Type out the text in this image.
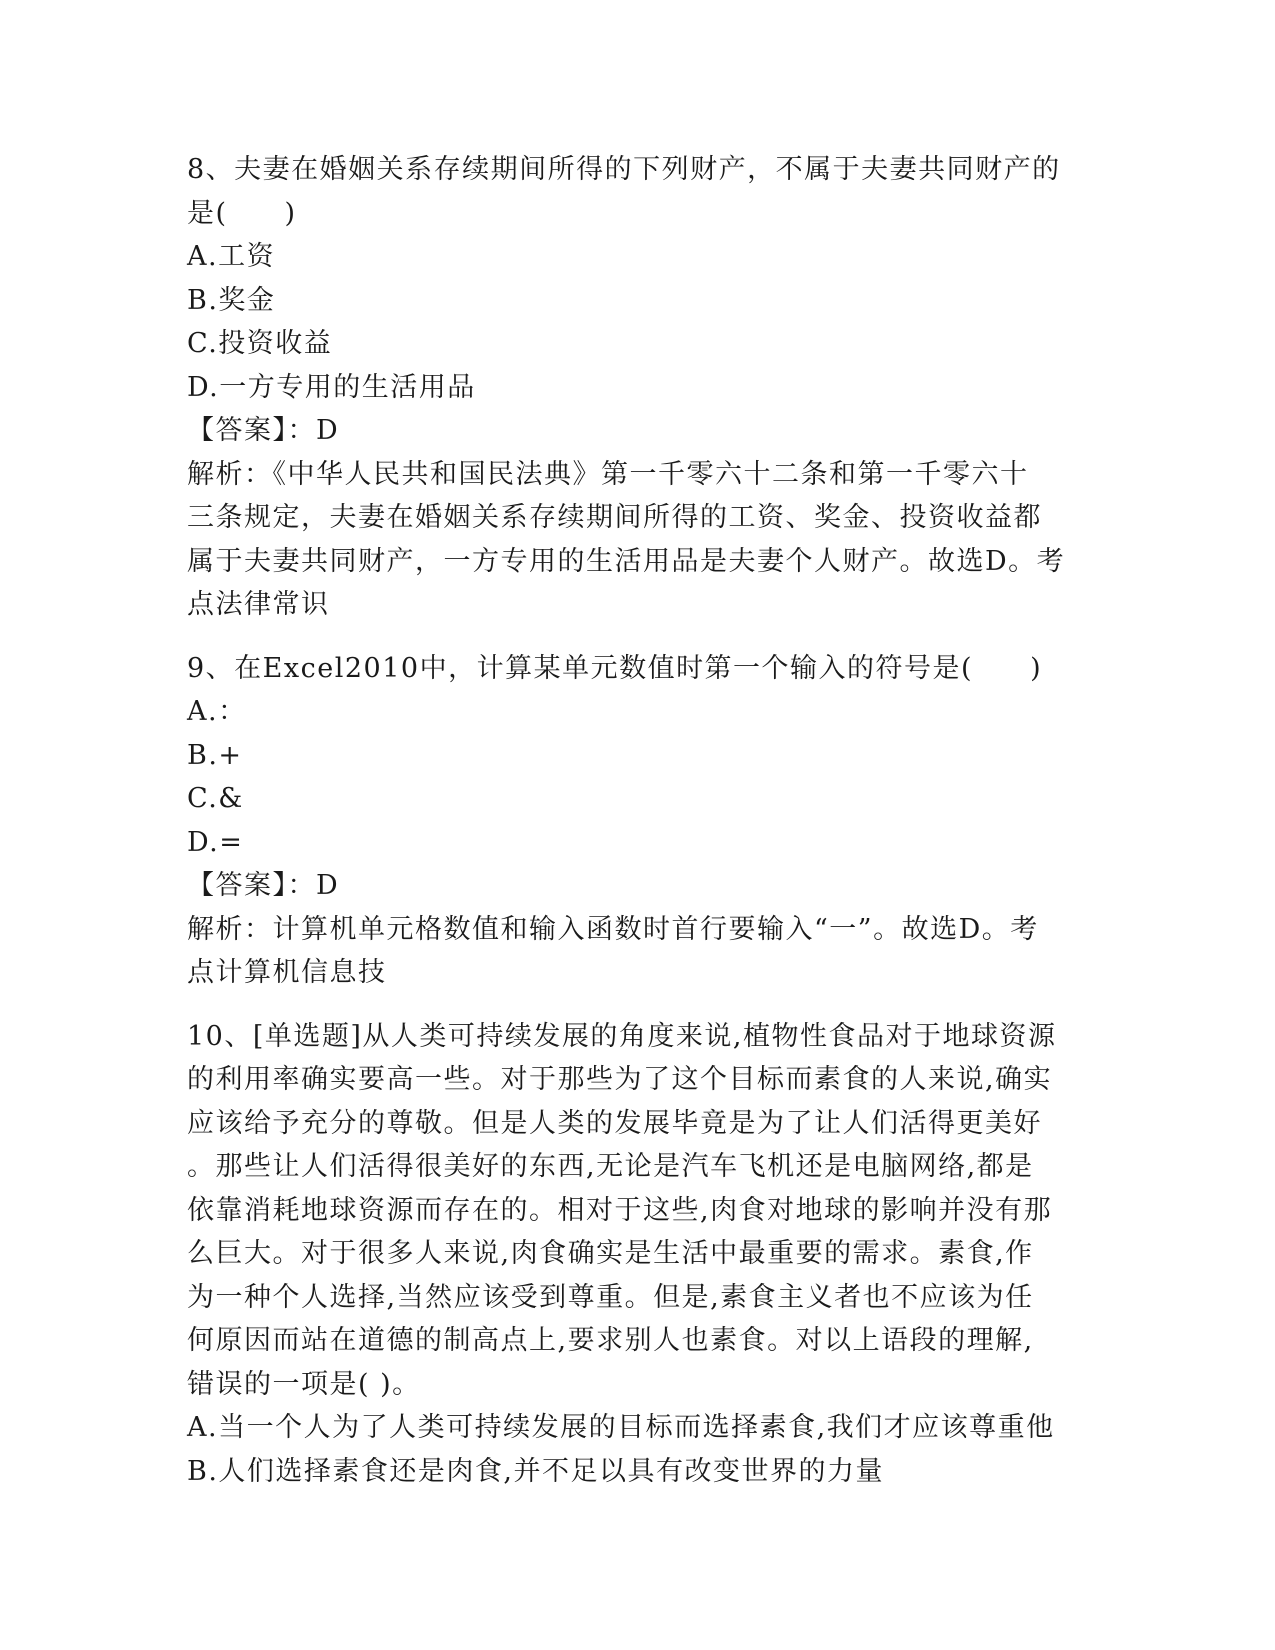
8、夫妻在婚姻关系存续期间所得的下列财产，不属于夫妻共同财产的
是(　　)
A.工资
B.奖金
C.投资收益
D.一方专用的生活用品
【答案】：D
解析：《中华人民共和国民法典》第一千零六十二条和第一千零六十
三条规定，夫妻在婚姻关系存续期间所得的工资、奖金、投资收益都
属于夫妻共同财产，一方专用的生活用品是夫妻个人财产。故选D。考
点法律常识
9、在Excel2010中，计算某单元数值时第一个输入的符号是(　　)
A.：
B.+
C.&
D.=
【答案】：D
解析：计算机单元格数值和输入函数时首行要输入“一”。故选D。考
点计算机信息技
10、[单选题]从人类可持续发展的角度来说,植物性食品对于地球资源
的利用率确实要高一些。对于那些为了这个目标而素食的人来说,确实
应该给予充分的尊敬。但是人类的发展毕竟是为了让人们活得更美好
。那些让人们活得很美好的东西,无论是汽车飞机还是电脑网络,都是
依靠消耗地球资源而存在的。相对于这些,肉食对地球的影响并没有那
么巨大。对于很多人来说,肉食确实是生活中最重要的需求。素食,作
为一种个人选择,当然应该受到尊重。但是,素食主义者也不应该为任
何原因而站在道德的制高点上,要求别人也素食。对以上语段的理解,
错误的一项是( )。
A.当一个人为了人类可持续发展的目标而选择素食,我们才应该尊重他
B.人们选择素食还是肉食,并不足以具有改变世界的力量
